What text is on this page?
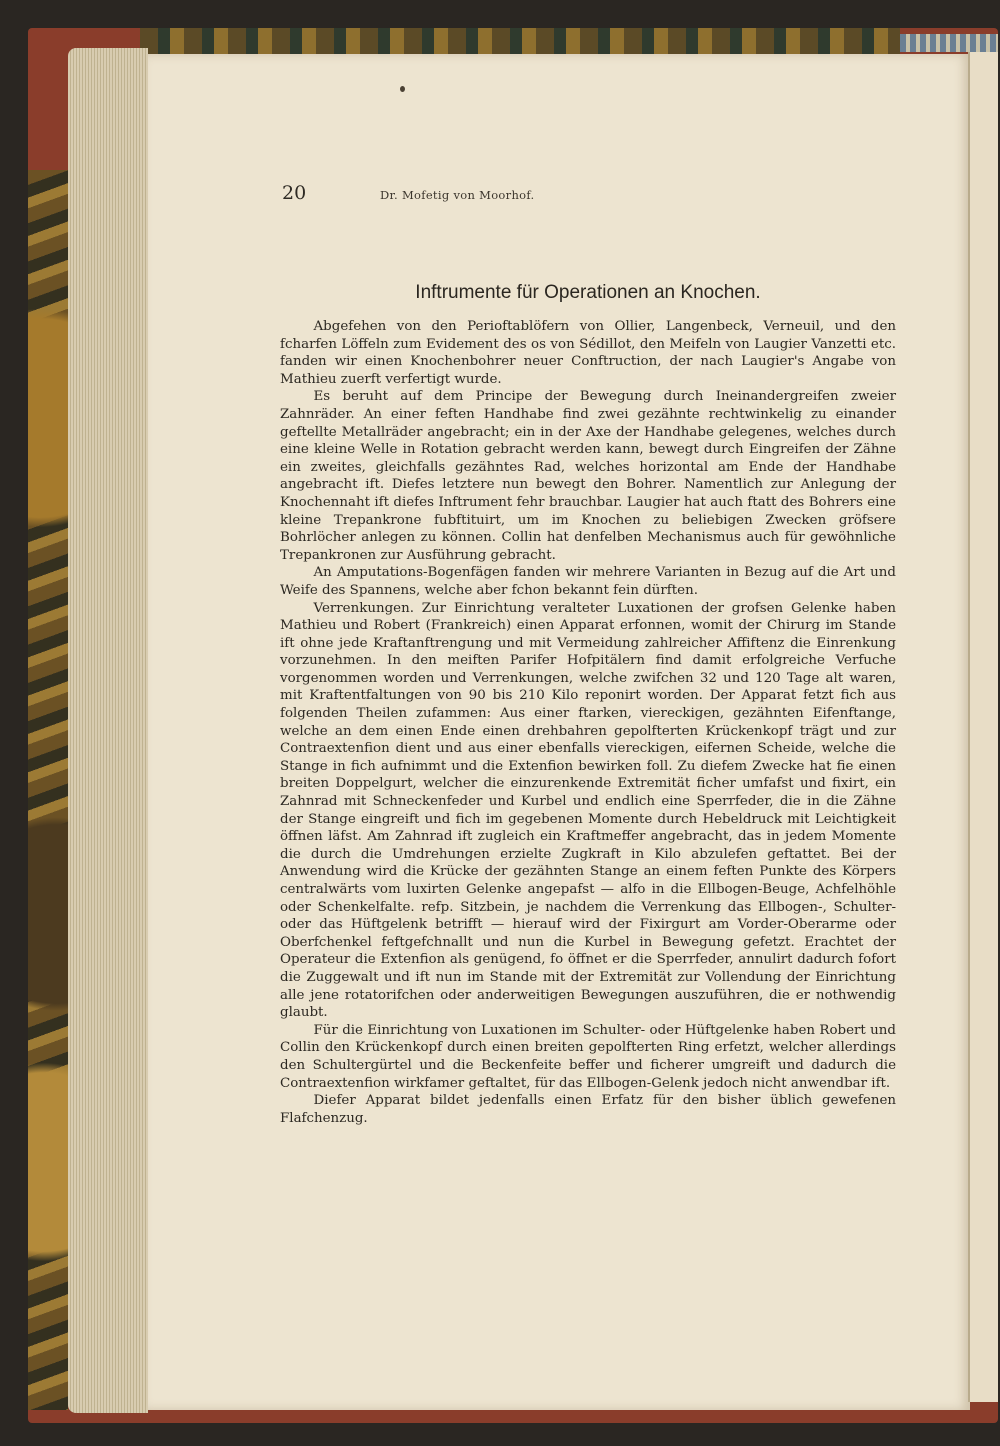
20	Dr. Mofetig von Moorhof.
Inftrumente für Operationen an Knochen.

Abgefehen von den Perioftablöfern von Ollier, Langenbeck, Verneuil, und den fcharfen Löffeln zum Evidement des os von Sédillot, den Meifeln von Laugier Vanzetti etc. fanden wir einen Knochenbohrer neuer Conftruction, der nach Laugier's Angabe von Mathieu zuerft verfertigt wurde.

Es beruht auf dem Principe der Bewegung durch Ineinandergreifen zweier Zahnräder. An einer feften Handhabe find zwei gezähnte rechtwinkelig zu einander geftellte Metallräder angebracht; ein in der Axe der Handhabe gelegenes, welches durch eine kleine Welle in Rotation gebracht werden kann, bewegt durch Eingreifen der Zähne ein zweites, gleichfalls gezähntes Rad, welches horizontal am Ende der Handhabe angebracht ift. Diefes letztere nun bewegt den Bohrer. Namentlich zur Anlegung der Knochennaht ift diefes Inftrument fehr brauchbar. Laugier hat auch ftatt des Bohrers eine kleine Trepankrone fubftituirt, um im Knochen zu beliebigen Zwecken gröfsere Bohrlöcher anlegen zu können. Collin hat denfelben Mechanismus auch für gewöhnliche Trepankronen zur Ausführung gebracht.

An Amputations-Bogenfägen fanden wir mehrere Varianten in Bezug auf die Art und Weife des Spannens, welche aber fchon bekannt fein dürften.

Verrenkungen. Zur Einrichtung veralteter Luxationen der grofsen Gelenke haben Mathieu und Robert (Frankreich) einen Apparat erfonnen, womit der Chirurg im Stande ift ohne jede Kraftanftrengung und mit Vermeidung zahlreicher Affiftenz die Einrenkung vorzunehmen. In den meiften Parifer Hofpitälern find damit erfolgreiche Verfuche vorgenommen worden und Verrenkungen, welche zwifchen 32 und 120 Tage alt waren, mit Kraftentfaltungen von 90 bis 210 Kilo reponirt worden. Der Apparat fetzt fich aus folgenden Theilen zufammen: Aus einer ftarken, viereckigen, gezähnten Eifenftange, welche an dem einen Ende einen drehbahren gepolfterten Krückenkopf trägt und zur Contraextenfion dient und aus einer ebenfalls viereckigen, eifernen Scheide, welche die Stange in fich aufnimmt und die Extenfion bewirken foll. Zu diefem Zwecke hat fie einen breiten Doppelgurt, welcher die einzurenkende Extremität ficher umfafst und fixirt, ein Zahnrad mit Schneckenfeder und Kurbel und endlich eine Sperrfeder, die in die Zähne der Stange eingreift und fich im gegebenen Momente durch Hebeldruck mit Leichtigkeit öffnen läfst. Am Zahnrad ift zugleich ein Kraftmeffer angebracht, das in jedem Momente die durch die Umdrehungen erzielte Zugkraft in Kilo abzulefen geftattet. Bei der Anwendung wird die Krücke der gezähnten Stange an einem feften Punkte des Körpers centralwärts vom luxirten Gelenke angepafst — alfo in die Ellbogen-Beuge, Achfelhöhle oder Schenkelfalte. refp. Sitzbein, je nachdem die Verrenkung das Ellbogen-, Schulter- oder das Hüftgelenk betrifft — hierauf wird der Fixirgurt am Vorder-Oberarme oder Oberfchenkel feftgefchnallt und nun die Kurbel in Bewegung gefetzt. Erachtet der Operateur die Extenfion als genügend, fo öffnet er die Sperrfeder, annulirt dadurch fofort die Zuggewalt und ift nun im Stande mit der Extremität zur Vollendung der Einrichtung alle jene rotatorifchen oder anderweitigen Bewegungen auszuführen, die er nothwendig glaubt.

Für die Einrichtung von Luxationen im Schulter- oder Hüftgelenke haben Robert und Collin den Krückenkopf durch einen breiten gepolfterten Ring erfetzt, welcher allerdings den Schultergürtel und die Beckenfeite beffer und ficherer umgreift und dadurch die Contraextenfion wirkfamer geftaltet, für das Ellbogen-Gelenk jedoch nicht anwendbar ift.

Diefer Apparat bildet jedenfalls einen Erfatz für den bisher üblich gewefenen Flafchenzug.
